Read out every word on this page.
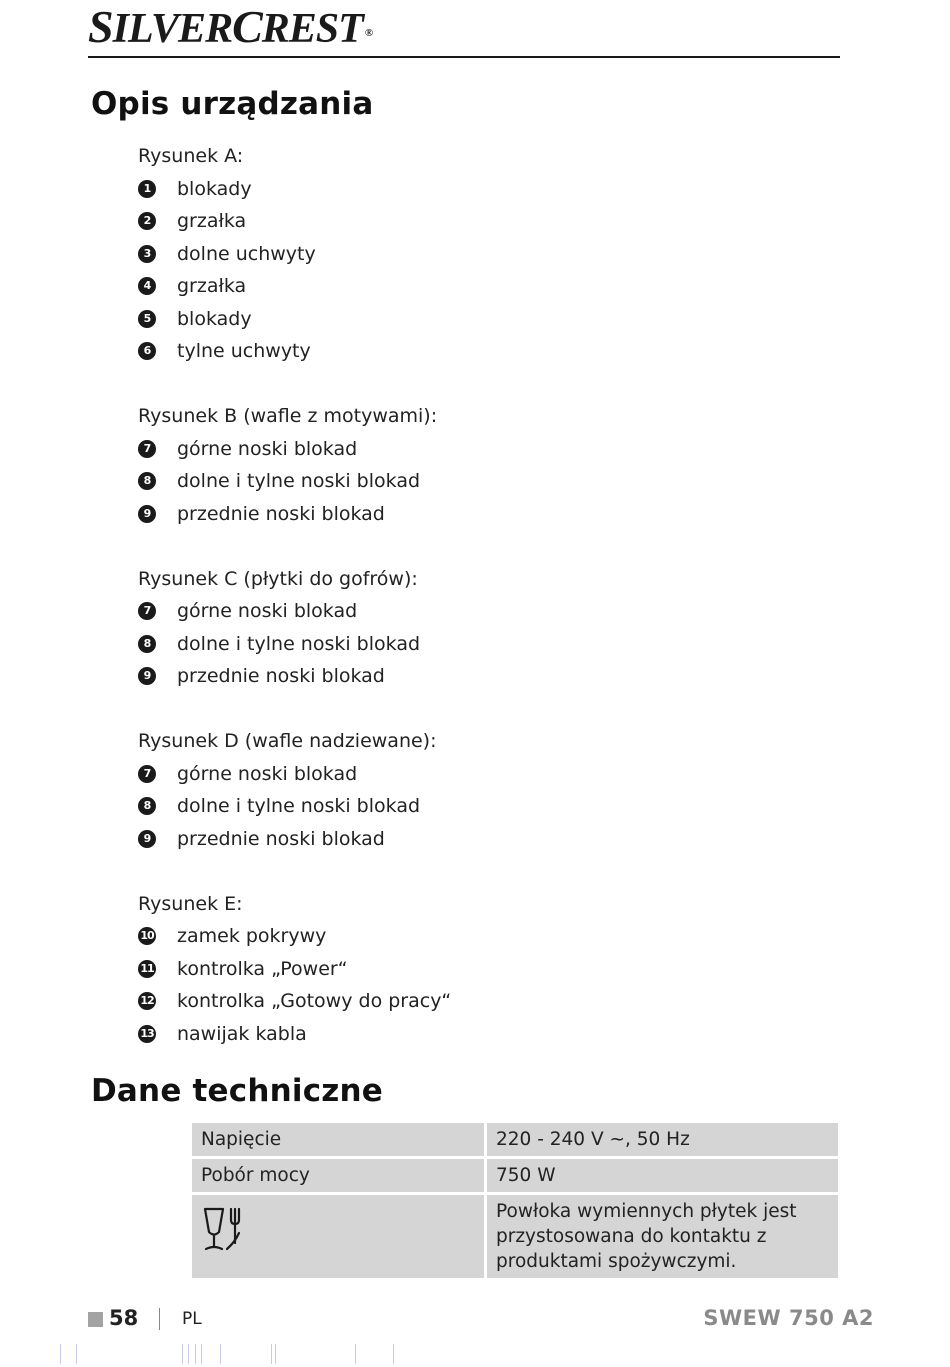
SILVERCREST ®
Opis urządzania
Rysunek A:
1 blokady
2 grzałka
3 dolne uchwyty
4 grzałka
5 blokady
6 tylne uchwyty
Rysunek B (wafle z motywami):
7 górne noski blokad
8 dolne i tylne noski blokad
9 przednie noski blokad
Rysunek C (płytki do gofrów):
7 górne noski blokad
8 dolne i tylne noski blokad
9 przednie noski blokad
Rysunek D (wafle nadziewane):
7 górne noski blokad
8 dolne i tylne noski blokad
9 przednie noski blokad
Rysunek E:
10 zamek pokrywy
11 kontrolka „Power“
12 kontrolka „Gotowy do pracy“
13 nawijak kabla
Dane techniczne
Napięcie	220 - 240 V ~, 50 Hz
Pobór mocy	750 W

Powłoka wymiennych płytek jest
przystosowana do kontaktu z
produktami spożywczymi.
58	PL	SWEW 750 A2
